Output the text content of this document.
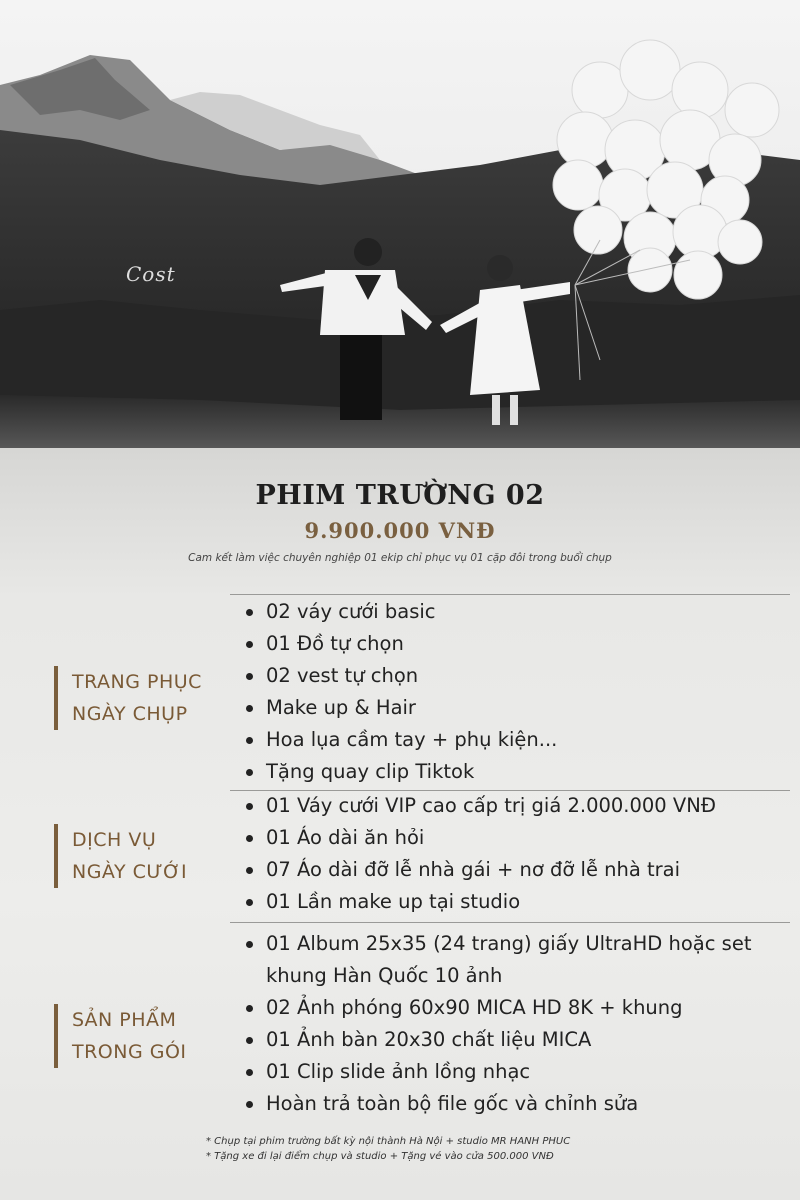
Cost
PHIM TRƯỜNG 02
9.900.000 VNĐ
Cam kết làm việc chuyên nghiệp 01 ekip chỉ phục vụ 01 cặp đôi trong buổi chụp
TRANG PHỤC
NGÀY CHỤP
02 váy cưới basic
01 Đồ tự chọn
02 vest tự chọn
Make up & Hair
Hoa lụa cầm tay + phụ kiện...
Tặng quay clip Tiktok
DỊCH VỤ
NGÀY CƯỚI
01 Váy cưới VIP cao cấp trị giá 2.000.000 VNĐ
01 Áo dài ăn hỏi
07 Áo dài đỡ lễ nhà gái + nơ đỡ lễ nhà trai
01 Lần make up tại studio
SẢN PHẨM
TRONG GÓI
01 Album 25x35 (24 trang) giấy UltraHD hoặc set khung Hàn Quốc 10 ảnh
02 Ảnh phóng 60x90 MICA HD 8K + khung
01 Ảnh bàn 20x30 chất liệu MICA
01 Clip slide ảnh lồng nhạc
Hoàn trả toàn bộ file gốc và chỉnh sửa
* Chụp tại phim trường bất kỳ nội thành Hà Nội + studio MR HANH PHUC
* Tặng xe đi lại điểm chụp và studio + Tặng vé vào cửa 500.000 VNĐ
